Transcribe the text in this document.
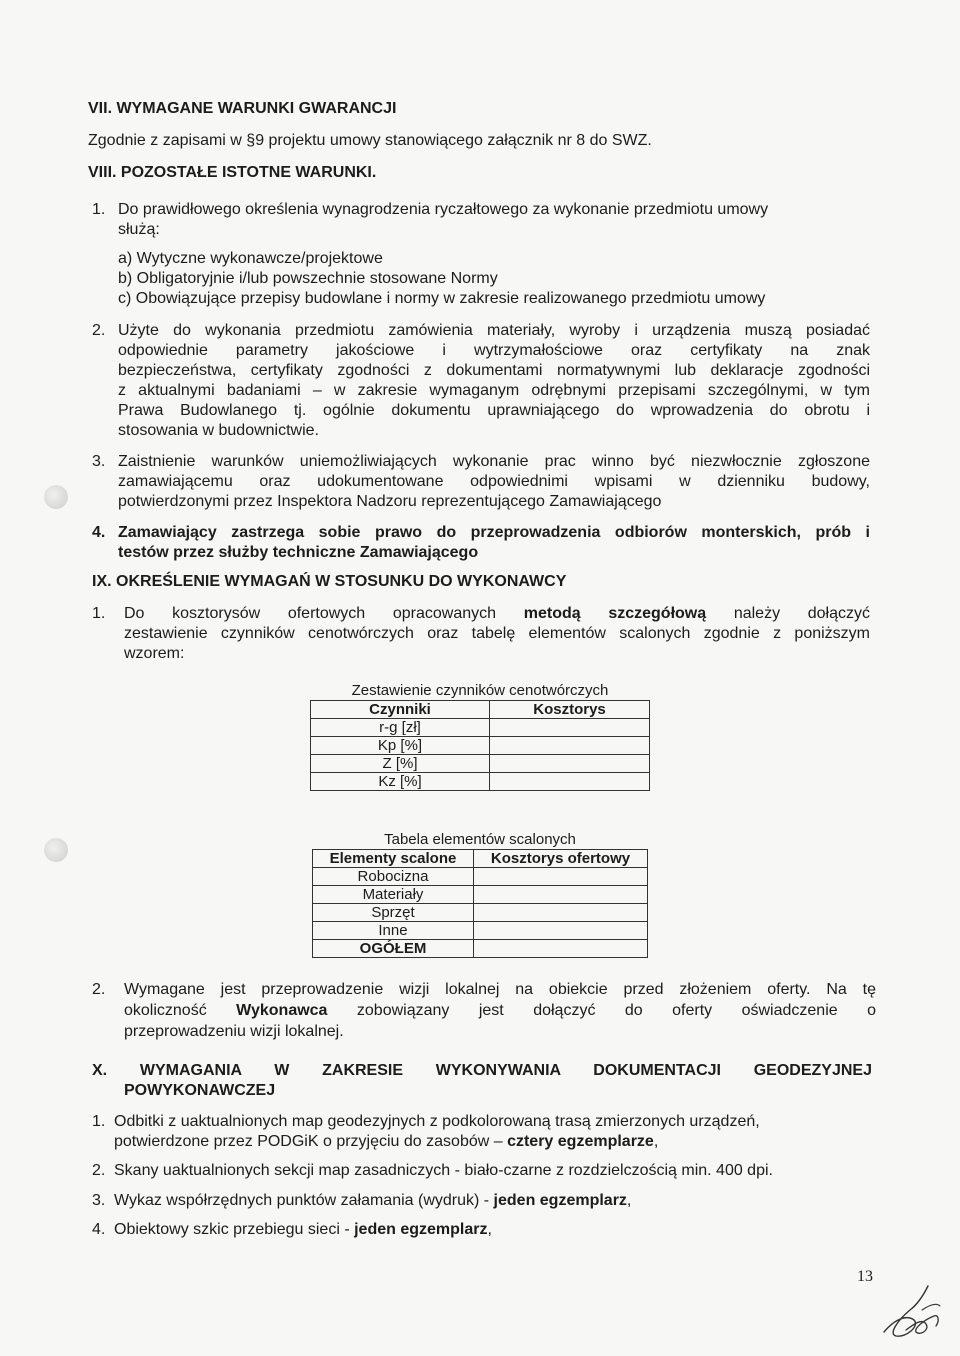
VII. WYMAGANE WARUNKI GWARANCJI
Zgodnie z zapisami w §9 projektu umowy stanowiącego załącznik nr 8 do SWZ.
VIII. POZOSTAŁE ISTOTNE WARUNKI.
1. Do prawidłowego określenia wynagrodzenia ryczałtowego za wykonanie przedmiotu umowy
służą:
a) Wytyczne wykonawcze/projektowe
b) Obligatoryjnie i/lub powszechnie stosowane Normy
c) Obowiązujące przepisy budowlane i normy w zakresie realizowanego przedmiotu umowy
2. Użyte do wykonania przedmiotu zamówienia materiały, wyroby i urządzenia muszą posiadać
odpowiednie parametry jakościowe i wytrzymałościowe oraz certyfikaty na znak
bezpieczeństwa, certyfikaty zgodności z dokumentami normatywnymi lub deklaracje zgodności
z aktualnymi badaniami – w zakresie wymaganym odrębnymi przepisami szczególnymi, w tym
Prawa Budowlanego tj. ogólnie dokumentu uprawniającego do wprowadzenia do obrotu i
stosowania w budownictwie.
3. Zaistnienie warunków uniemożliwiających wykonanie prac winno być niezwłocznie zgłoszone
zamawiającemu oraz udokumentowane odpowiednimi wpisami w dzienniku budowy,
potwierdzonymi przez Inspektora Nadzoru reprezentującego Zamawiającego
4. Zamawiający zastrzega sobie prawo do przeprowadzenia odbiorów monterskich, prób i
testów przez służby techniczne Zamawiającego
IX. OKREŚLENIE WYMAGAŃ W STOSUNKU DO WYKONAWCY
1. Do kosztorysów ofertowych opracowanych metodą szczegółową należy dołączyć
zestawienie czynników cenotwórczych oraz tabelę elementów scalonych zgodnie z poniższym
wzorem:
Zestawienie czynników cenotwórczych
Czynniki	Kosztorys
r-g [zł]	
Kp [%]	
Z [%]	
Kz [%]	
Tabela elementów scalonych
Elementy scalone	Kosztorys ofertowy
Robocizna	
Materiały	
Sprzęt	
Inne	
OGÓŁEM	
2. Wymagane jest przeprowadzenie wizji lokalnej na obiekcie przed złożeniem oferty. Na tę
okoliczność Wykonawca zobowiązany jest dołączyć do oferty oświadczenie o
przeprowadzeniu wizji lokalnej.
X. WYMAGANIA W ZAKRESIE WYKONYWANIA DOKUMENTACJI GEODEZYJNEJ
POWYKONAWCZEJ
1. Odbitki z uaktualnionych map geodezyjnych z podkolorowaną trasą zmierzonych urządzeń,
potwierdzone przez PODGiK o przyjęciu do zasobów – cztery egzemplarze,
2. Skany uaktualnionych sekcji map zasadniczych - biało-czarne z rozdzielczością min. 400 dpi.
3. Wykaz współrzędnych punktów załamania (wydruk) - jeden egzemplarz,
4. Obiektowy szkic przebiegu sieci - jeden egzemplarz,
13
